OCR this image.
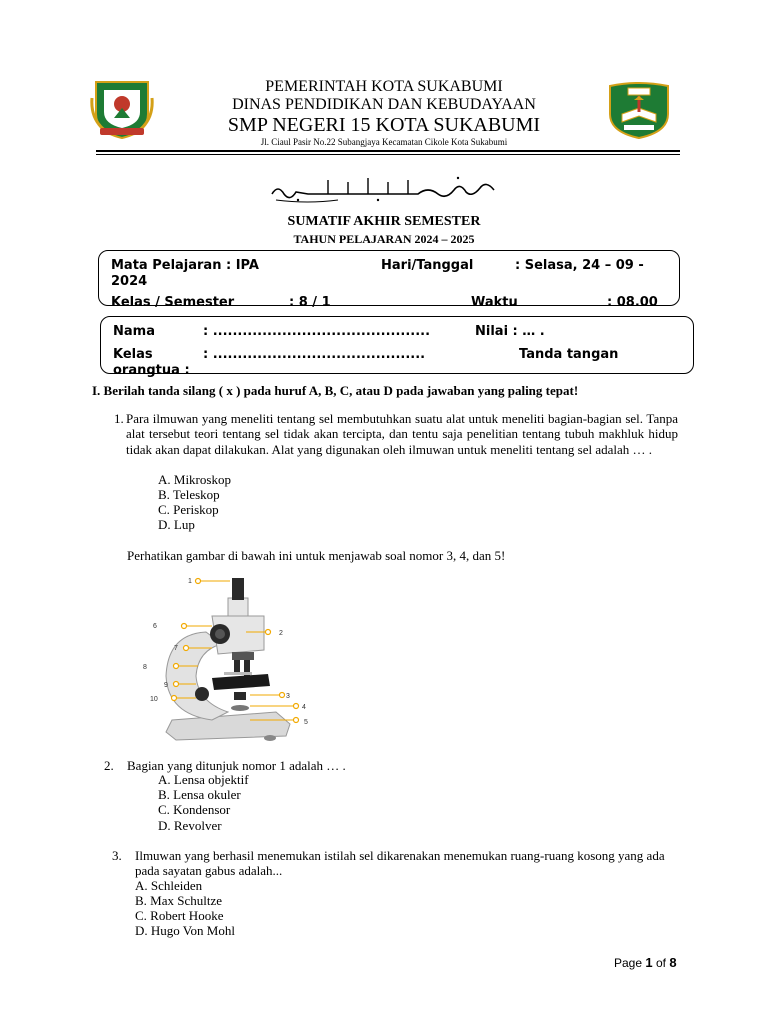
PEMERINTAH KOTA SUKABUMI
DINAS PENDIDIKAN DAN KEBUDAYAAN
SMP NEGERI 15 KOTA SUKABUMI
Jl. Ciaul Pasir No.22 Subangjaya Kecamatan Cikole Kota Sukabumi
SUMATIF AKHIR SEMESTER
TAHUN PELAJARAN 2024 – 2025
Mata Pelajaran : IPA	Hari/Tanggal	: Selasa, 24 – 09 -
2024
Kelas / Semester	: 8 / 1	Waktu	: 08.00
Nama	: ............................................	Nilai : … .
Kelas	: ...........................................	Tanda tangan
orangtua :
I. Berilah tanda silang ( x ) pada huruf A, B, C, atau D pada jawaban yang paling tepat!
1. Para ilmuwan yang meneliti tentang sel membutuhkan suatu alat untuk meneliti bagian-bagian sel. Tanpa alat tersebut teori tentang sel tidak akan tercipta, dan tentu saja penelitian tentang tubuh makhluk hidup tidak akan dapat dilakukan. Alat yang digunakan oleh ilmuwan untuk meneliti tentang sel adalah … .
A. Mikroskop
B. Teleskop
C. Periskop
D. Lup
Perhatikan gambar di bawah ini untuk menjawab soal nomor 3, 4, dan 5!
1
2
3
4
5
6
7
8
9
10
2. Bagian yang ditunjuk nomor 1 adalah … .
A. Lensa objektif
B. Lensa okuler
C. Kondensor
D. Revolver
3. Ilmuwan yang berhasil menemukan istilah sel dikarenakan menemukan ruang-ruang kosong yang ada pada sayatan gabus adalah...
A. Schleiden
B. Max Schultze
C. Robert Hooke
D. Hugo Von Mohl
Page 1 of 8
